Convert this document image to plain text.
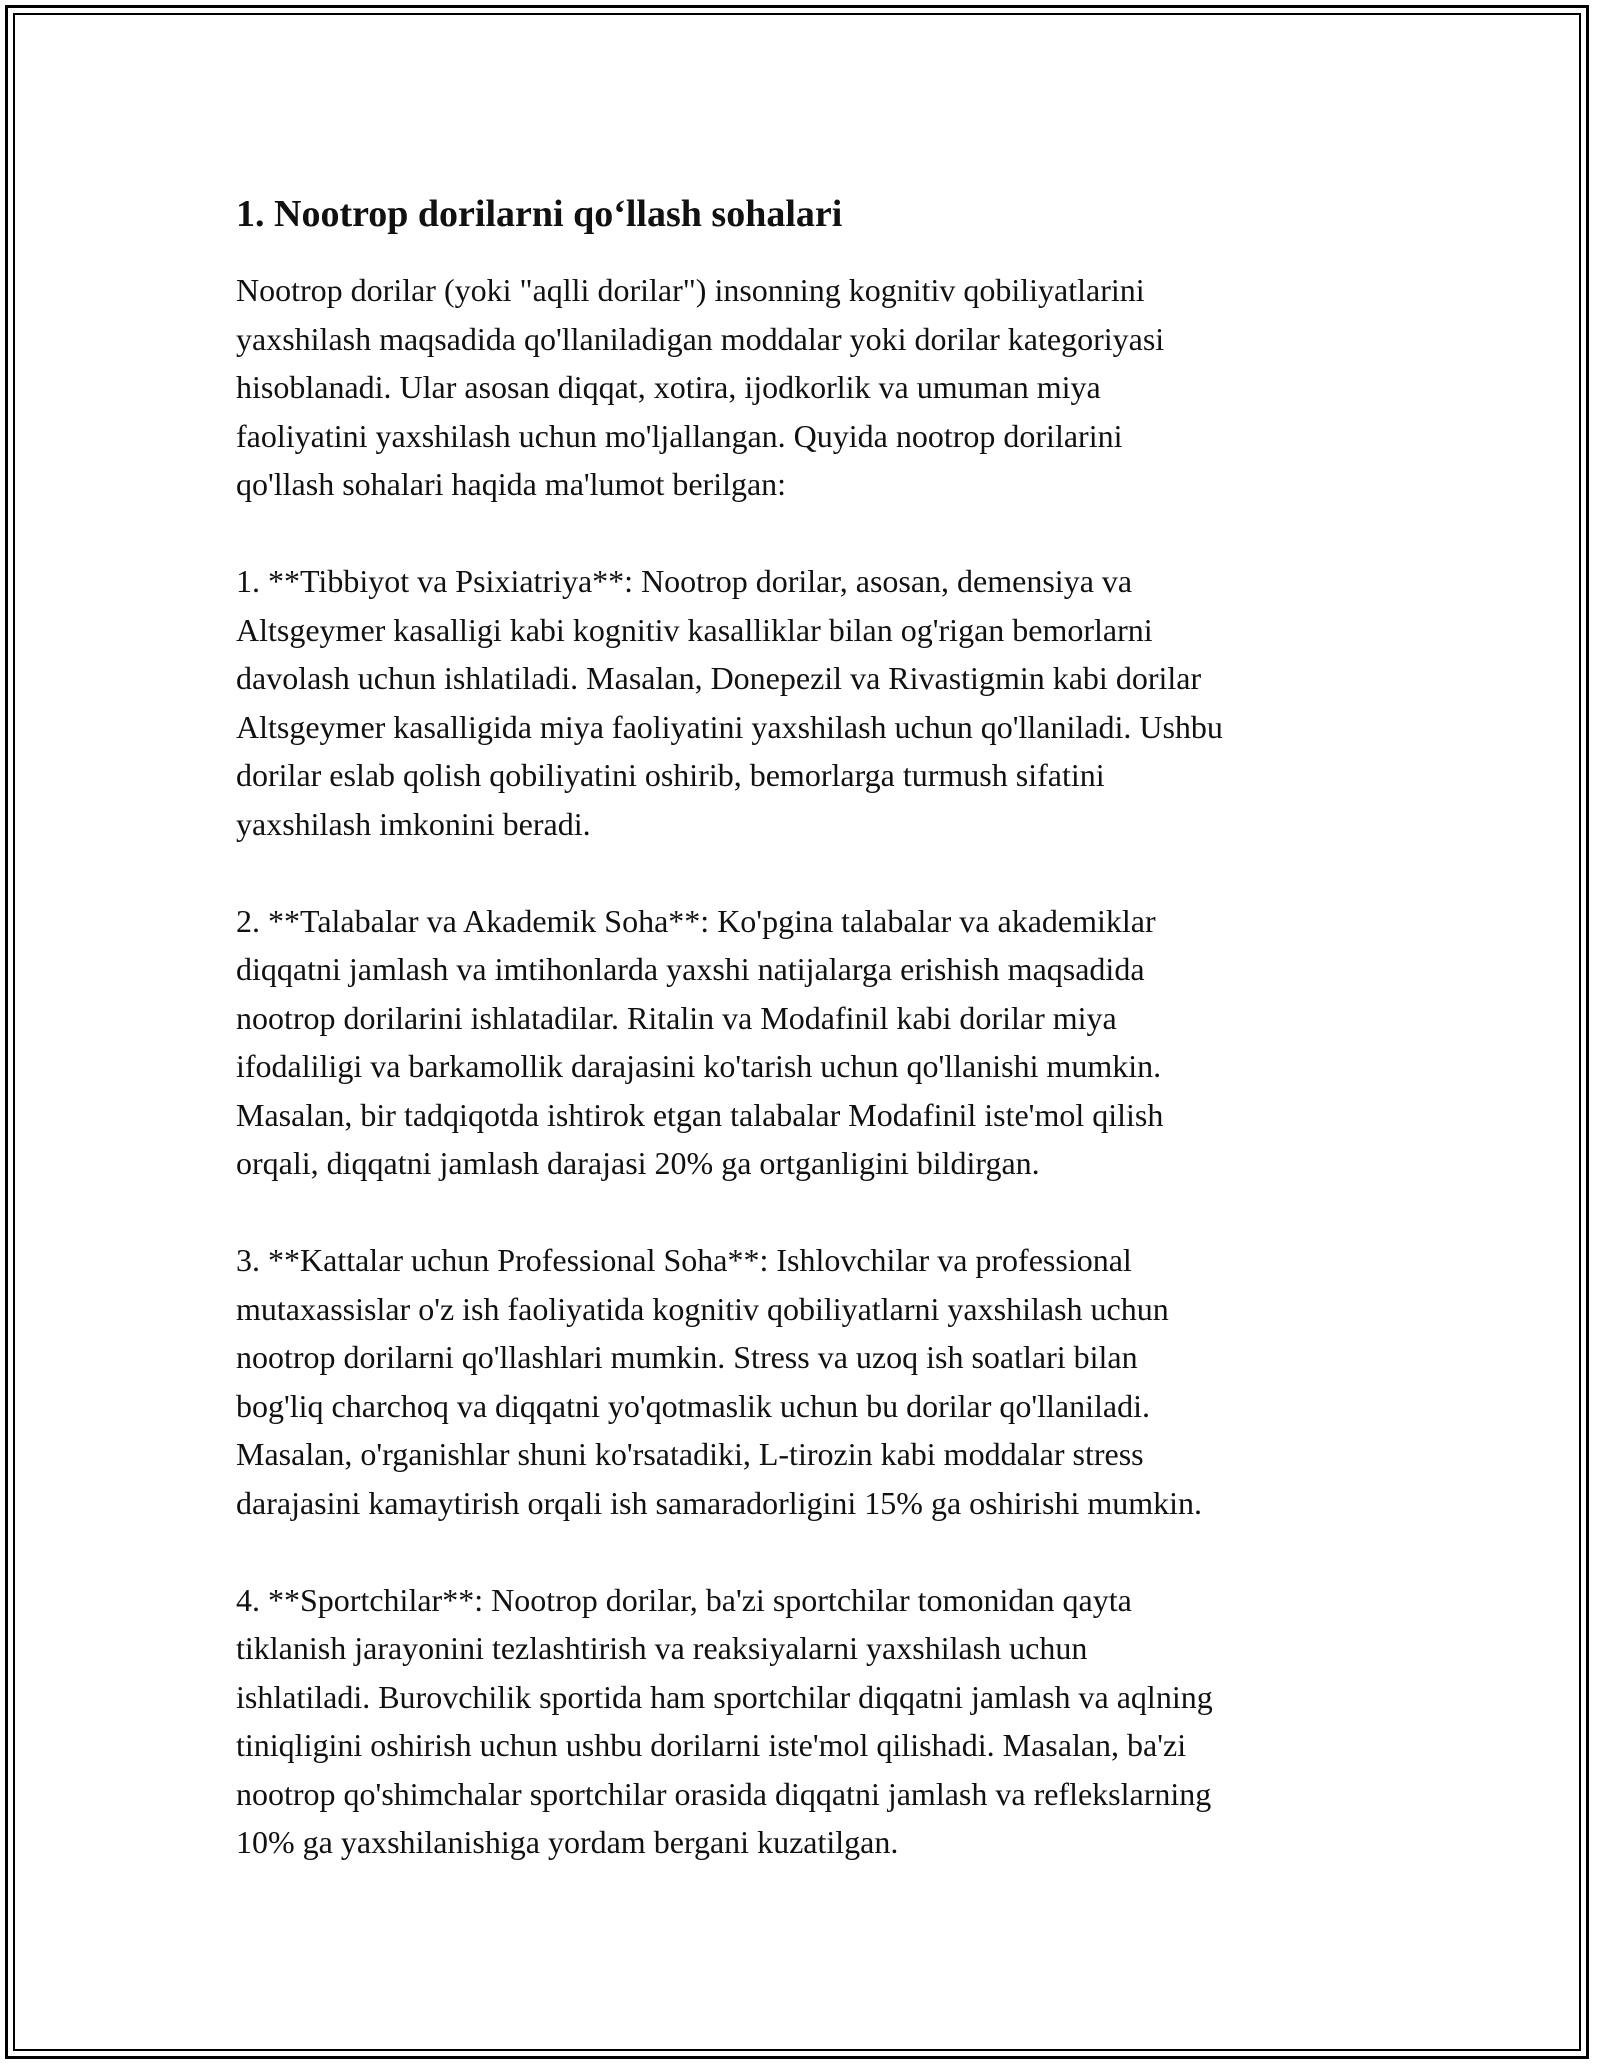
1. Nootrop dorilarni qo‘llash sohalari

Nootrop dorilar (yoki "aqlli dorilar") insonning kognitiv qobiliyatlarini
yaxshilash maqsadida qo'llaniladigan moddalar yoki dorilar kategoriyasi
hisoblanadi. Ular asosan diqqat, xotira, ijodkorlik va umuman miya
faoliyatini yaxshilash uchun mo'ljallangan. Quyida nootrop dorilarini
qo'llash sohalari haqida ma'lumot berilgan:

1. **Tibbiyot va Psixiatriya**: Nootrop dorilar, asosan, demensiya va
Altsgeymer kasalligi kabi kognitiv kasalliklar bilan og'rigan bemorlarni
davolash uchun ishlatiladi. Masalan, Donepezil va Rivastigmin kabi dorilar
Altsgeymer kasalligida miya faoliyatini yaxshilash uchun qo'llaniladi. Ushbu
dorilar eslab qolish qobiliyatini oshirib, bemorlarga turmush sifatini
yaxshilash imkonini beradi.

2. **Talabalar va Akademik Soha**: Ko'pgina talabalar va akademiklar
diqqatni jamlash va imtihonlarda yaxshi natijalarga erishish maqsadida
nootrop dorilarini ishlatadilar. Ritalin va Modafinil kabi dorilar miya
ifodaliligi va barkamollik darajasini ko'tarish uchun qo'llanishi mumkin.
Masalan, bir tadqiqotda ishtirok etgan talabalar Modafinil iste'mol qilish
orqali, diqqatni jamlash darajasi 20% ga ortganligini bildirgan.

3. **Kattalar uchun Professional Soha**: Ishlovchilar va professional
mutaxassislar o'z ish faoliyatida kognitiv qobiliyatlarni yaxshilash uchun
nootrop dorilarni qo'llashlari mumkin. Stress va uzoq ish soatlari bilan
bog'liq charchoq va diqqatni yo'qotmaslik uchun bu dorilar qo'llaniladi.
Masalan, o'rganishlar shuni ko'rsatadiki, L-tirozin kabi moddalar stress
darajasini kamaytirish orqali ish samaradorligini 15% ga oshirishi mumkin.

4. **Sportchilar**: Nootrop dorilar, ba'zi sportchilar tomonidan qayta
tiklanish jarayonini tezlashtirish va reaksiyalarni yaxshilash uchun
ishlatiladi. Burovchilik sportida ham sportchilar diqqatni jamlash va aqlning
tiniqligini oshirish uchun ushbu dorilarni iste'mol qilishadi. Masalan, ba'zi
nootrop qo'shimchalar sportchilar orasida diqqatni jamlash va reflekslarning
10% ga yaxshilanishiga yordam bergani kuzatilgan.
